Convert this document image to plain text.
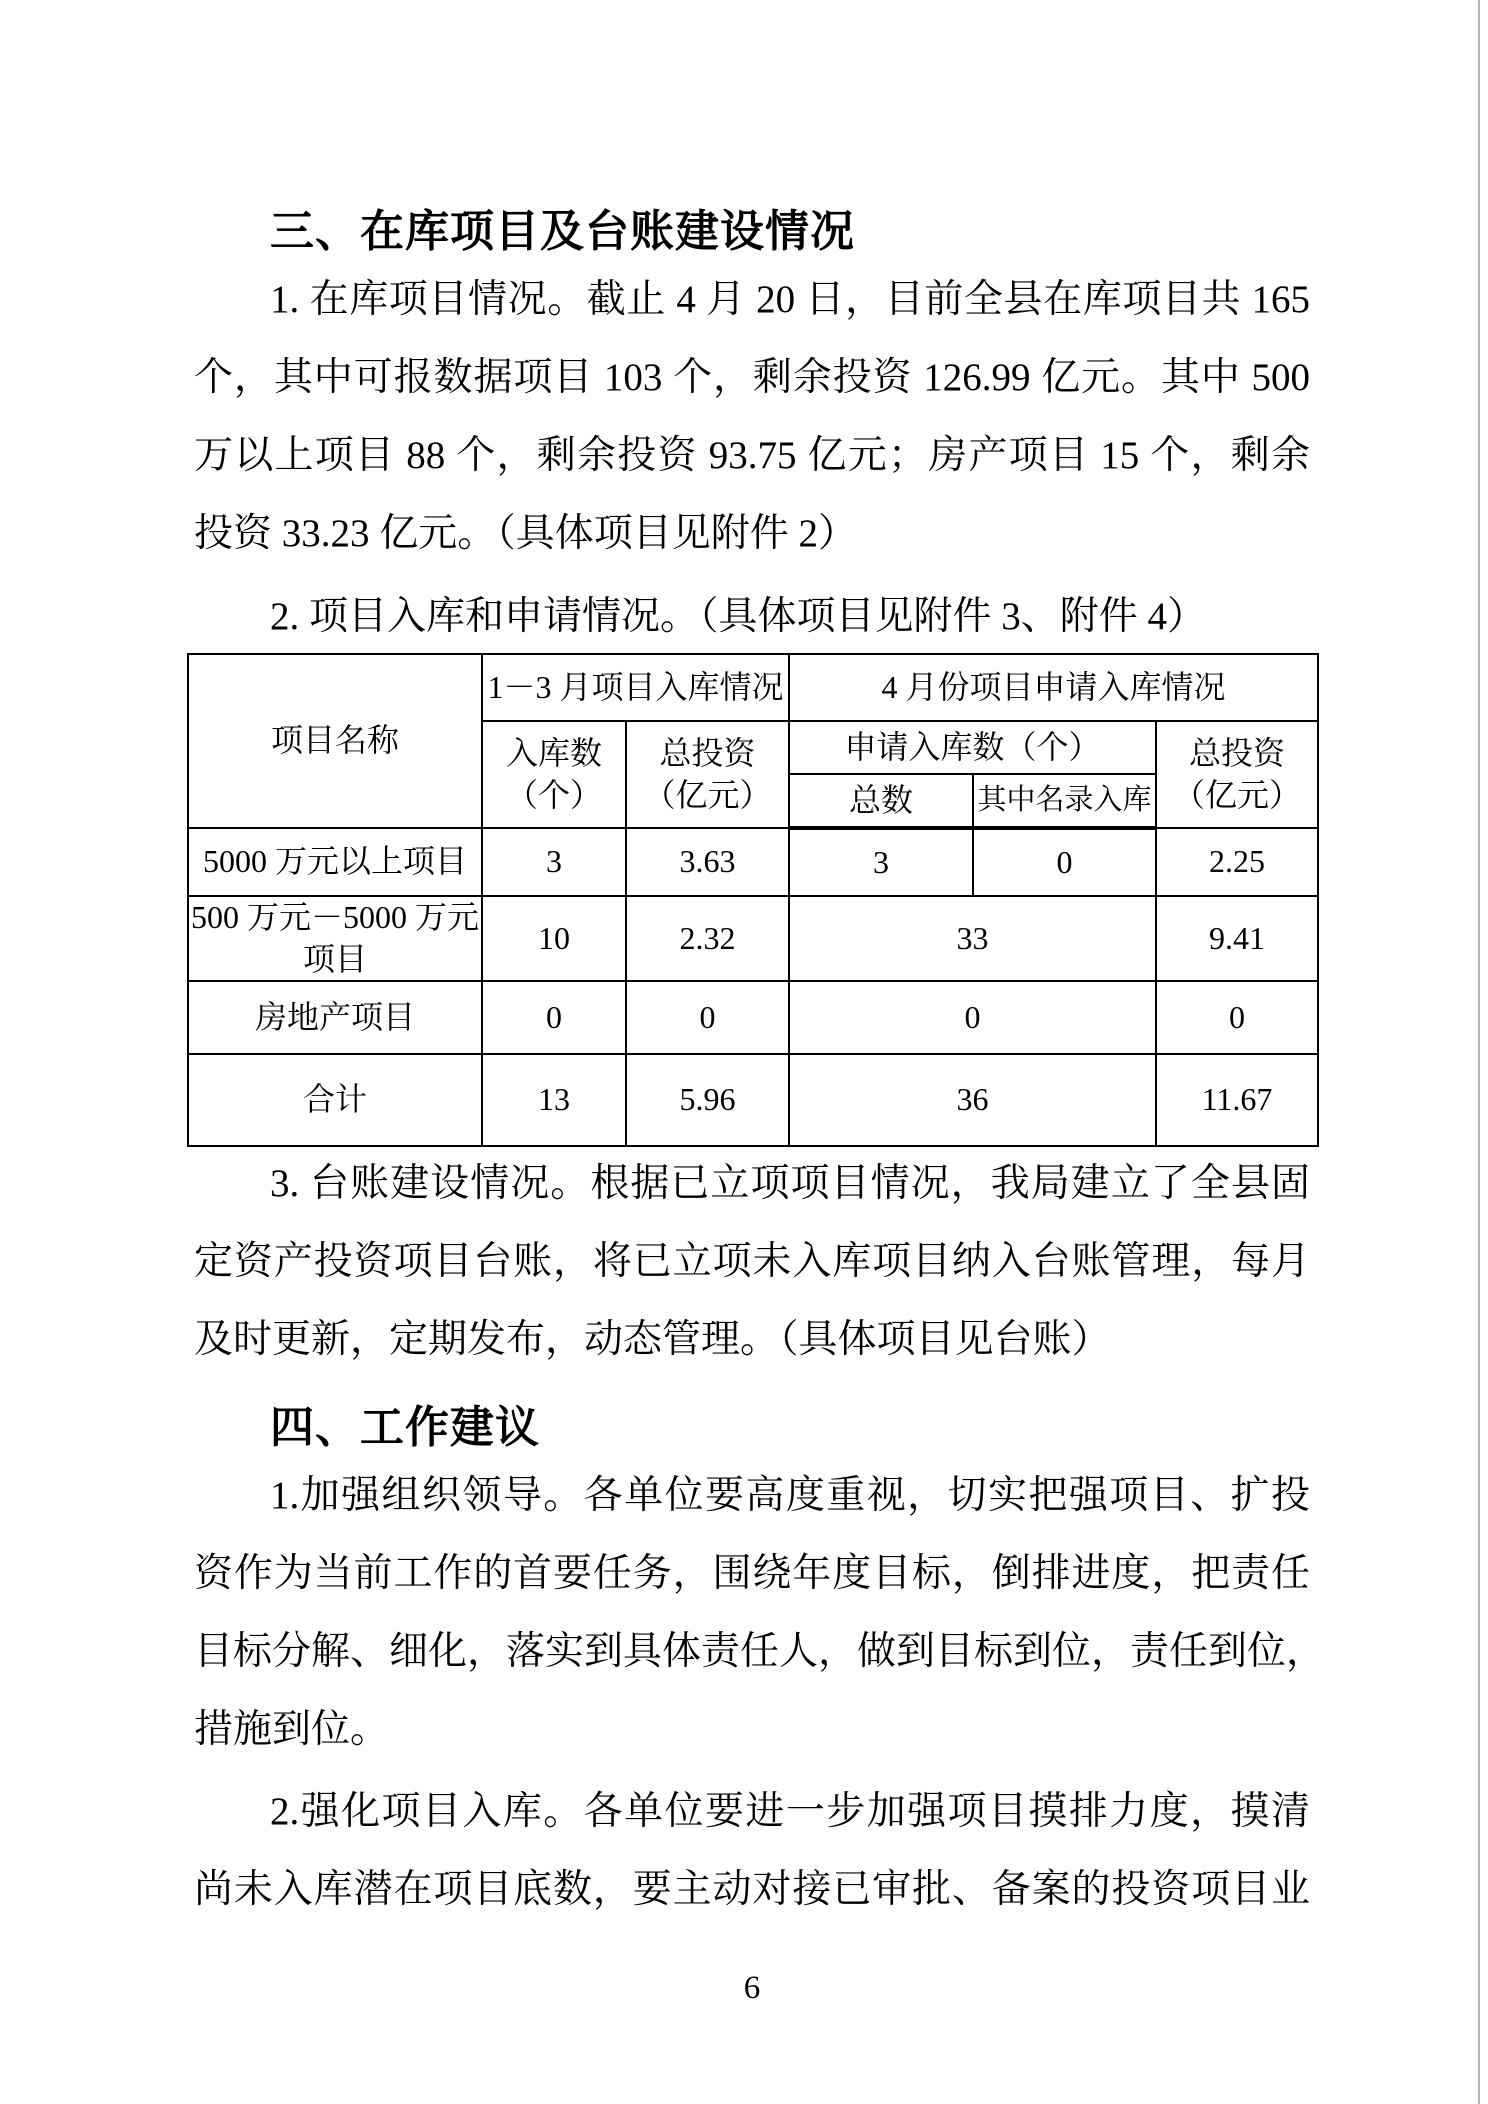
三、在库项目及台账建设情况
1. 在库项目情况。截止 4 月 20 日，目前全县在库项目共 165
个，其中可报数据项目 103 个，剩余投资 126.99 亿元。其中 500
万以上项目 88 个，剩余投资 93.75 亿元；房产项目 15 个，剩余
投资 33.23 亿元。（具体项目见附件 2）
2. 项目入库和申请情况。（具体项目见附件 3、附件 4）
项目名称	1－3 月项目入库情况		4 月份项目申请入库情况		
	入库数（个）	总投资（亿元）	申请入库数（个）		总投资（亿元）
			总数	其中名录入库	
5000 万元以上项目	3	3.63	3	0	2.25
500 万元－5000 万元项目	10	2.32	33		9.41
房地产项目	0	0	0		0
合计	13	5.96	36		11.67
3. 台账建设情况。根据已立项项目情况，我局建立了全县固
定资产投资项目台账，将已立项未入库项目纳入台账管理，每月
及时更新，定期发布，动态管理。（具体项目见台账）
四、工作建议
1.加强组织领导。各单位要高度重视，切实把强项目、扩投
资作为当前工作的首要任务，围绕年度目标，倒排进度，把责任
目标分解、细化，落实到具体责任人，做到目标到位，责任到位，
措施到位。
2.强化项目入库。各单位要进一步加强项目摸排力度，摸清
尚未入库潜在项目底数，要主动对接已审批、备案的投资项目业
6
